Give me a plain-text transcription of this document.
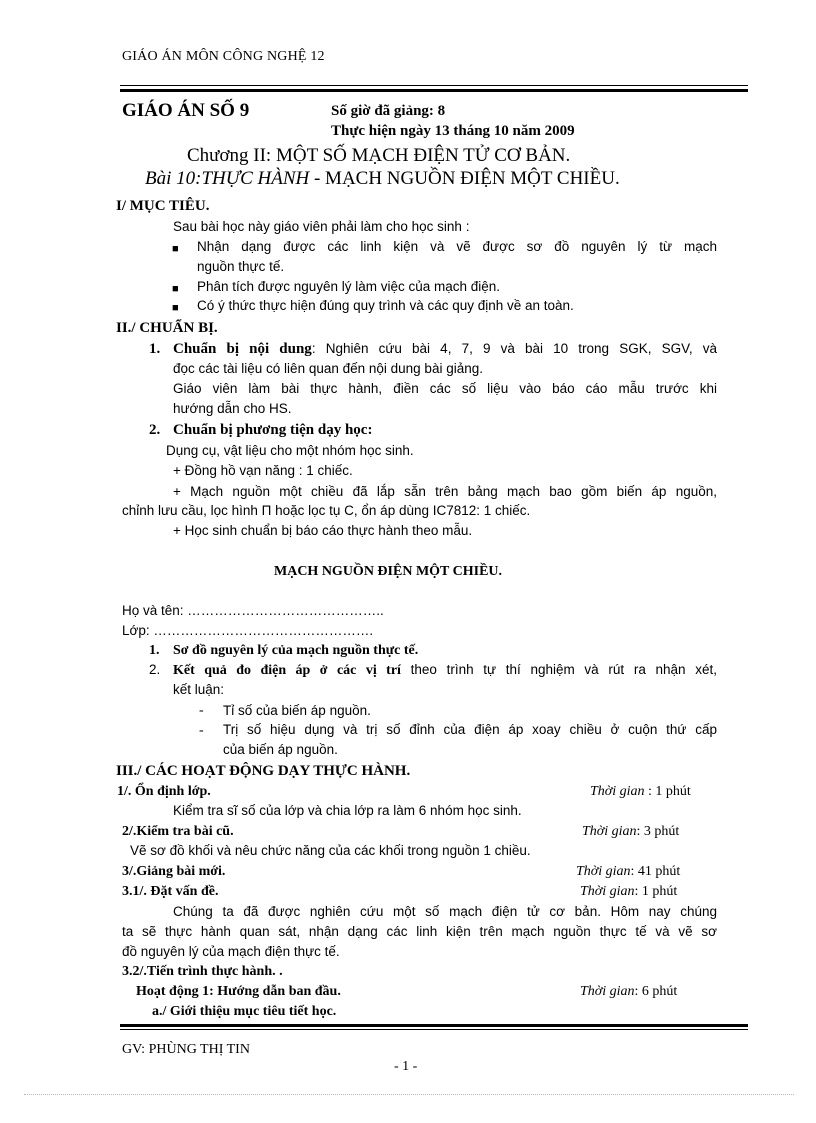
GIÁO ÁN MÔN CÔNG NGHỆ 12
GIÁO ÁN SỐ 9	Số giờ đã giảng: 8
Thực hiện ngày 13 tháng 10 năm 2009
Chương II: MỘT SỐ MẠCH ĐIỆN TỬ CƠ BẢN.
Bài 10:THỰC HÀNH - MẠCH NGUỒN ĐIỆN MỘT CHIỀU.
I/ MỤC TIÊU.
Sau bài học này giáo viên phải làm cho học sinh :
■ Nhận dạng được các linh kiện và vẽ được sơ đồ nguyên lý từ mạch
nguồn thực tế.
■ Phân tích được nguyên lý làm việc của mạch điện.
■ Có ý thức thực hiện đúng quy trình và các quy định về an toàn.
II./ CHUẨN BỊ.
1. Chuẩn bị nội dung: Nghiên cứu bài 4, 7, 9 và bài 10 trong SGK, SGV, và
đọc các tài liệu có liên quan đến nội dung bài giảng.
Giáo viên làm bài thực hành, điền các số liệu vào báo cáo mẫu trước khi
hướng dẫn cho HS.
2. Chuẩn bị phương tiện dạy học:
Dụng cụ, vật liệu cho một nhóm học sinh.
+ Đồng hồ vạn năng : 1 chiếc.
+ Mạch nguồn một chiều đã lắp sẵn trên bảng mạch bao gồm biến áp nguồn,
chỉnh lưu cầu, lọc hình Π hoặc lọc tụ C, ổn áp dùng IC7812: 1 chiếc.
+ Học sinh chuẩn bị báo cáo thực hành theo mẫu.
MẠCH NGUỒN ĐIỆN MỘT CHIỀU.
Họ và tên: ……………………………………..
Lớp: ………………………………………….
1. Sơ đồ nguyên lý của mạch nguồn thực tế.
2. Kết quả đo điện áp ở các vị trí theo trình tự thí nghiệm và rút ra nhận xét,
kết luận:
- Tỉ số của biến áp nguồn.
- Trị số hiệu dụng và trị số đỉnh của điện áp xoay chiều ở cuộn thứ cấp
của biến áp nguồn.
III./ CÁC HOẠT ĐỘNG DẠY THỰC HÀNH.
1/. Ổn định lớp.	Thời gian : 1 phút
Kiểm tra sĩ số của lớp và chia lớp ra làm 6 nhóm học sinh.
2/.Kiểm tra bài cũ.	Thời gian: 3 phút
Vẽ sơ đồ khối và nêu chức năng của các khối trong nguồn 1 chiều.
3/.Giảng bài mới.	Thời gian: 41 phút
3.1/. Đặt vấn đề.	Thời gian: 1 phút
Chúng ta đã được nghiên cứu một số mạch điện tử cơ bản. Hôm nay chúng
ta sẽ thực hành quan sát, nhận dạng các linh kiện trên mạch nguồn thực tế và vẽ sơ
đồ nguyên lý của mạch điện thực tế.
3.2/.Tiến trình thực hành. .
Hoạt động 1: Hướng dẫn ban đầu.	Thời gian: 6 phút
a./ Giới thiệu mục tiêu tiết học.
GV: PHÙNG THỊ TIN
- 1 -
